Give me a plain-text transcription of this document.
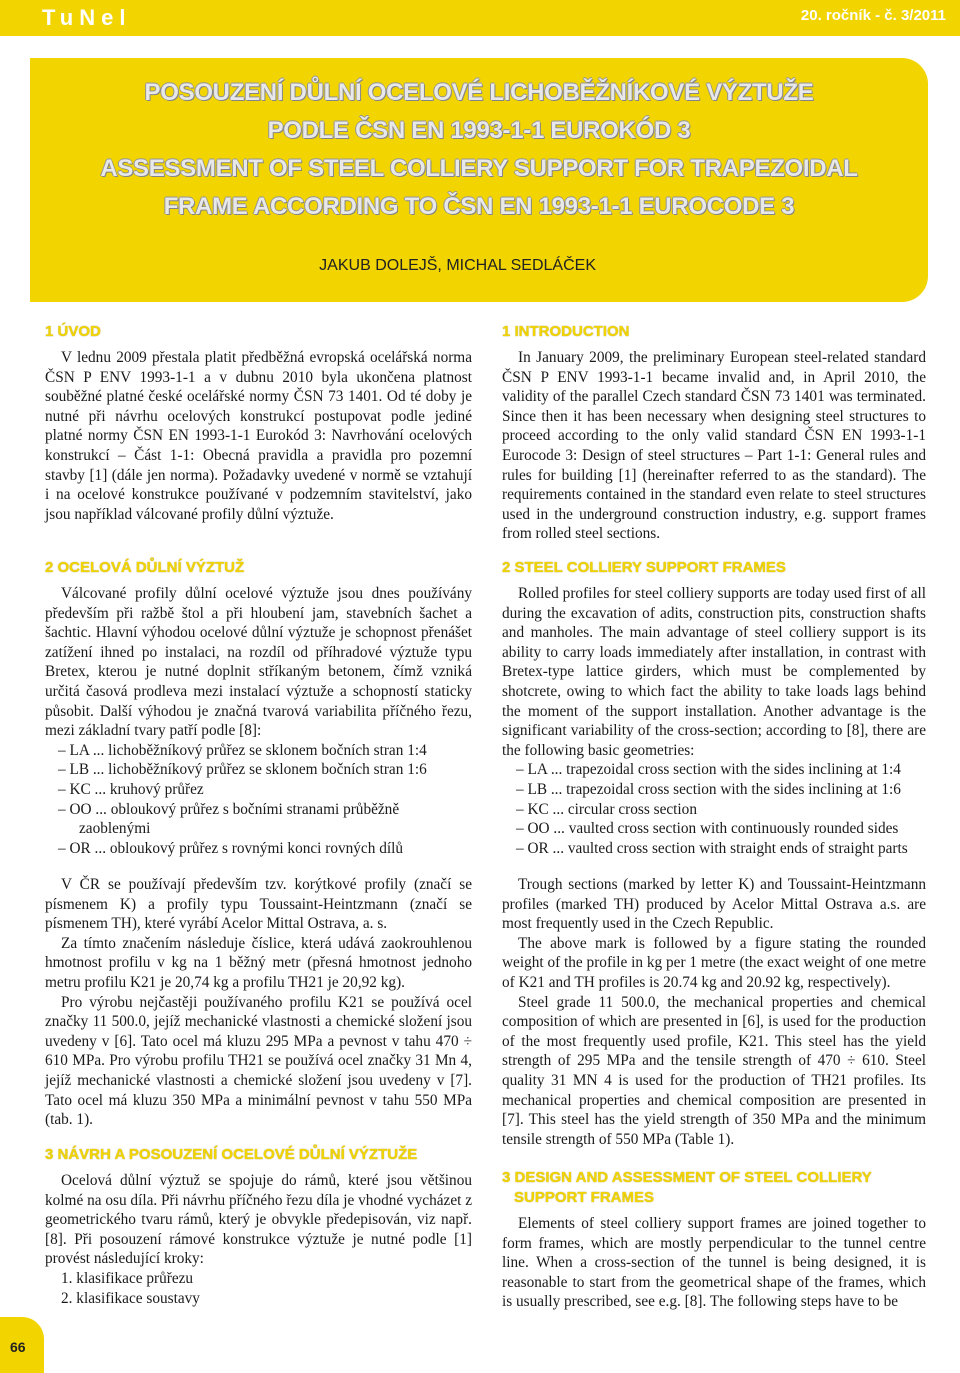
TuNel	20. ročník - č. 3/2011
POSOUZENÍ DŮLNÍ OCELOVÉ LICHOBĚŽNÍKOVÉ VÝZTUŽE
PODLE ČSN EN 1993-1-1 EUROKÓD 3
ASSESSMENT OF STEEL COLLIERY SUPPORT FOR TRAPEZOIDAL
FRAME ACCORDING TO ČSN EN 1993-1-1 EUROCODE 3
JAKUB DOLEJŠ, MICHAL SEDLÁČEK
1 ÚVOD

V lednu 2009 přestala platit předběžná evropská ocelářská norma ČSN P ENV 1993-1-1 a v dubnu 2010 byla ukončena platnost souběžné platné české ocelářské normy ČSN 73 1401. Od té doby je nutné při návrhu ocelových konstrukcí postupovat podle jediné platné normy ČSN EN 1993-1-1 Eurokód 3: Navrhování ocelových konstrukcí – Část 1-1: Obecná pravidla a pravidla pro pozemní stavby [1] (dále jen norma). Požadavky uvedené v normě se vztahují i na ocelové konstrukce používané v podzemním stavitelství, jako jsou například válcované profily důlní výztuže.

2 OCELOVÁ DŮLNÍ VÝZTUŽ

Válcované profily důlní ocelové výztuže jsou dnes používány především při ražbě štol a při hloubení jam, stavebních šachet a šachtic. Hlavní výhodou ocelové důlní výztuže je schopnost přenášet zatížení ihned po instalaci, na rozdíl od příhradové výztuže typu Bretex, kterou je nutné doplnit stříkaným betonem, čímž vzniká určitá časová prodleva mezi instalací výztuže a schopností staticky působit. Další výhodou je značná tvarová variabilita příčného řezu, mezi základní tvary patří podle [8]:

– LA ... lichoběžníkový průřez se sklonem bočních stran 1:4
– LB ... lichoběžníkový průřez se sklonem bočních stran 1:6
– KC ... kruhový průřez
– OO ... obloukový průřez s bočními stranami průběžně zaoblenými
– OR ... obloukový průřez s rovnými konci rovných dílů

V ČR se používají především tzv. korýtkové profily (značí se písmenem K) a profily typu Toussaint-Heintzmann (značí se písmenem TH), které vyrábí Acelor Mittal Ostrava, a. s.

Za tímto značením následuje číslice, která udává zaokrouhlenou hmotnost profilu v kg na 1 běžný metr (přesná hmotnost jednoho metru profilu K21 je 20,74 kg a profilu TH21 je 20,92 kg).

Pro výrobu nejčastěji používaného profilu K21 se používá ocel značky 11 500.0, jejíž mechanické vlastnosti a chemické složení jsou uvedeny v [6]. Tato ocel má kluzu 295 MPa a pevnost v tahu 470 ÷ 610 MPa. Pro výrobu profilu TH21 se používá ocel značky 31 Mn 4, jejíž mechanické vlastnosti a chemické složení jsou uvedeny v [7]. Tato ocel má kluzu 350 MPa a minimální pevnost v tahu 550 MPa (tab. 1).

3 NÁVRH A POSOUZENÍ OCELOVÉ DŮLNÍ VÝZTUŽE

Ocelová důlní výztuž se spojuje do rámů, které jsou většinou kolmé na osu díla. Při návrhu příčného řezu díla je vhodné vycházet z geometrického tvaru rámů, který je obvykle předepisován, viz např. [8]. Při posouzení rámové konstrukce výztuže je nutné podle [1] provést následující kroky:

1. klasifikace průřezu
2. klasifikace soustavy
1 INTRODUCTION

In January 2009, the preliminary European steel-related standard ČSN P ENV 1993-1-1 became invalid and, in April 2010, the validity of the parallel Czech standard ČSN 73 1401 was terminated. Since then it has been necessary when designing steel structures to proceed according to the only valid standard ČSN EN 1993-1-1 Eurocode 3: Design of steel structures – Part 1-1: General rules and rules for building [1] (hereinafter referred to as the standard). The requirements contained in the standard even relate to steel structures used in the underground construction industry, e.g. support frames from rolled steel sections.

2 STEEL COLLIERY SUPPORT FRAMES

Rolled profiles for steel colliery supports are today used first of all during the excavation of adits, construction pits, construction shafts and manholes. The main advantage of steel colliery support is its ability to carry loads immediately after installation, in contrast with Bretex-type lattice girders, which must be complemented by shotcrete, owing to which fact the ability to take loads lags behind the moment of the support installation. Another advantage is the significant variability of the cross-section; according to [8], there are the following basic geometries:

– LA ... trapezoidal cross section with the sides inclining at 1:4
– LB ... trapezoidal cross section with the sides inclining at 1:6
– KC ... circular cross section
– OO ... vaulted cross section with continuously rounded sides
– OR ... vaulted cross section with straight ends of straight parts

Trough sections (marked by letter K) and Toussaint-Heintzmann profiles (marked TH) produced by Acelor Mittal Ostrava a.s. are most frequently used in the Czech Republic.

The above mark is followed by a figure stating the rounded weight of the profile in kg per 1 metre (the exact weight of one metre of K21 and TH profiles is 20.74 kg and 20.92 kg, respectively).

Steel grade 11 500.0, the mechanical properties and chemical composition of which are presented in [6], is used for the production of the most frequently used profile, K21. This steel has the yield strength of 295 MPa and the tensile strength of 470 ÷ 610. Steel quality 31 MN 4 is used for the production of TH21 profiles. Its mechanical properties and chemical composition are presented in [7]. This steel has the yield strength of 350 MPa and the minimum tensile strength of 550 MPa (Table 1).

3 DESIGN AND ASSESSMENT OF STEEL COLLIERY
SUPPORT FRAMES

Elements of steel colliery support frames are joined together to form frames, which are mostly perpendicular to the tunnel centre line. When a cross-section of the tunnel is being designed, it is reasonable to start from the geometrical shape of the frames, which is usually prescribed, see e.g. [8]. The following steps have to be

66
